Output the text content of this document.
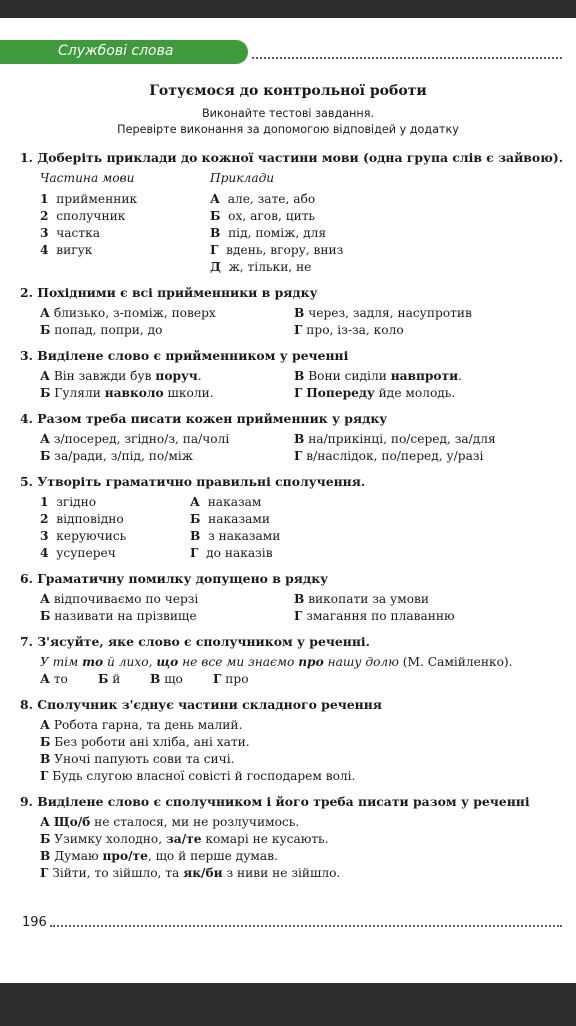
Службові слова
Готуємося до контрольної роботи
Виконайте тестові завдання.
Перевірте виконання за допомогою відповідей у додатку
1. Доберіть приклади до кожної частини мови (одна група слів є зайвою).
Частина мови	Приклади
1 прийменник
2 сполучник
3 частка
4 вигук
А але, зате, або
Б ох, агов, цить
В під, поміж, для
Г вдень, вгору, вниз
Д ж, тільки, не
2. Похідними є всі прийменники в рядку
А близько, з-поміж, поверх	В через, задля, насупротив
Б попад, попри, до	Г про, із-за, коло
3. Виділене слово є прийменником у реченні
А Він завжди був поруч.	В Вони сиділи навпроти.
Б Гуляли навколо школи.	Г Попереду йде молодь.
4. Разом треба писати кожен прийменник у рядку
А з/посеред, згідно/з, па/чолі	В на/прикінці, по/серед, за/для
Б за/ради, з/під, по/між	Г в/наслідок, по/перед, у/разі
5. Утворіть граматично правильні сполучення.
1 згідно
2 відповідно
3 керуючись
4 усупереч
А наказам
Б наказами
В з наказами
Г до наказів
6. Граматичну помилку допущено в рядку
А відпочиваємо по черзі	В викопати за умови
Б називати на прізвище	Г змагання по плаванню
7. З'ясуйте, яке слово є сполучником у реченні.
У тім то й лихо, що не все ми знаємо про нашу долю (М. Самійленко).
А то Б й В що Г про
8. Сполучник з'єднує частини складного речення
А Робота гарна, та день малий.
Б Без роботи ані хліба, ані хати.
В Уночі папують сови та сичі.
Г Будь слугою власної совісті й господарем волі.
9. Виділене слово є сполучником і його треба писати разом у реченні
А Що/б не сталося, ми не розлучимось.
Б Узимку холодно, за/те комарі не кусають.
В Думаю про/те, що й перше думав.
Г Зійти, то зійшло, та як/би з ниви не зійшло.
196
